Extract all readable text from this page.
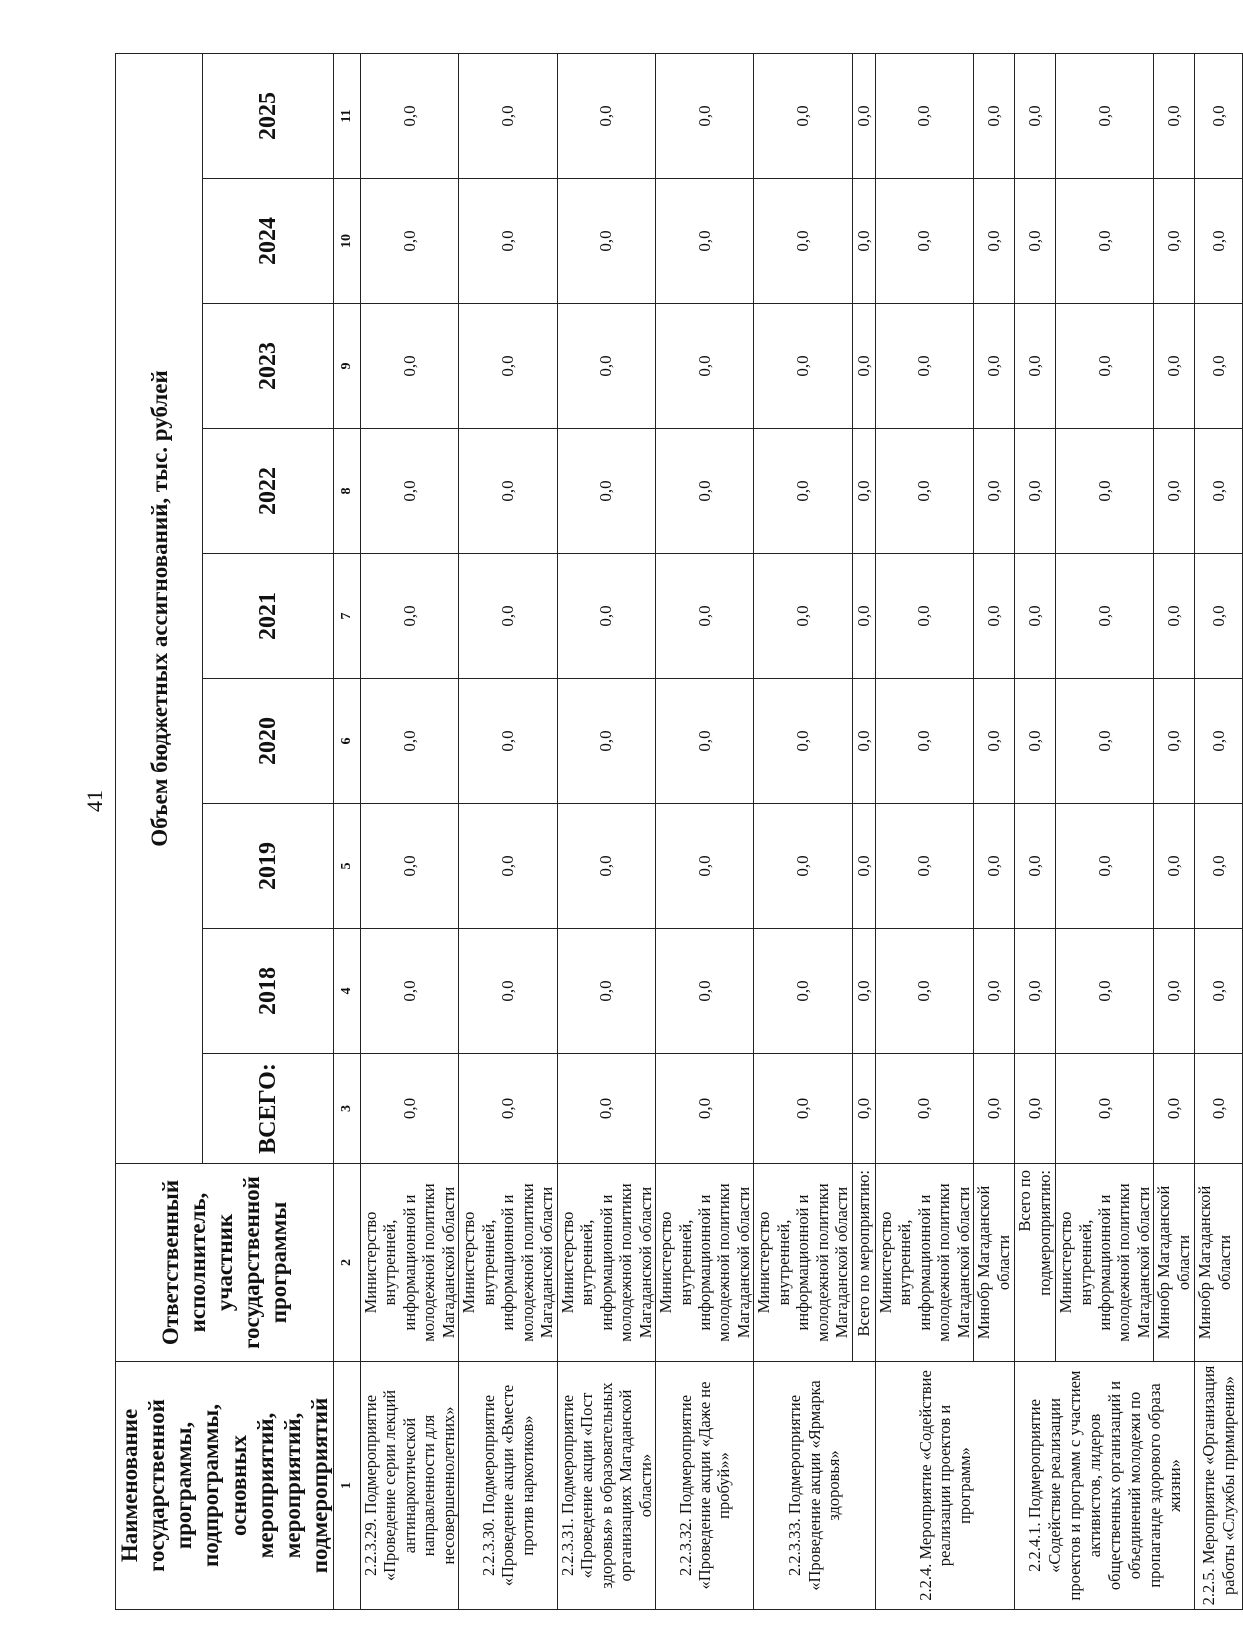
41
Наименование государственной программы, подпрограммы, основных мероприятий, мероприятий, подмероприятий	Ответственный исполнитель, участник государственной программы	Объем бюджетных ассигнований, тыс. рублей								
		ВСЕГО:	2018	2019	2020	2021	2022	2023	2024	2025
1	2	3	4	5	6	7	8	9	10	11
2.2.3.29. Подмероприятие «Проведение серии лекций антинаркотической направленности для несовершеннолетних»	Министерство внутренней, информационной и молодежной политики Магаданской области	0,0	0,0	0,0	0,0	0,0	0,0	0,0	0,0	0,0
2.2.3.30. Подмероприятие «Проведение акции «Вместе против наркотиков»	Министерство внутренней, информационной и молодежной политики Магаданской области	0,0	0,0	0,0	0,0	0,0	0,0	0,0	0,0	0,0
2.2.3.31. Подмероприятие «Проведение акции «Пост здоровья» в образовательных организациях Магаданской области»	Министерство внутренней, информационной и молодежной политики Магаданской области	0,0	0,0	0,0	0,0	0,0	0,0	0,0	0,0	0,0
2.2.3.32. Подмероприятие «Проведение акции «Даже не пробуй»»	Министерство внутренней, информационной и молодежной политики Магаданской области	0,0	0,0	0,0	0,0	0,0	0,0	0,0	0,0	0,0
2.2.3.33. Подмероприятие «Проведение акции «Ярмарка здоровья»	Министерство внутренней, информационной и молодежной политики Магаданской области	0,0	0,0	0,0	0,0	0,0	0,0	0,0	0,0	0,0
	Всего по мероприятию:	0,0	0,0	0,0	0,0	0,0	0,0	0,0	0,0	0,0
2.2.4. Мероприятие «Содействие реализации проектов и программ»	Министерство внутренней, информационной и молодежной политики Магаданской области	0,0	0,0	0,0	0,0	0,0	0,0	0,0	0,0	0,0
	Минобр Магаданской области	0,0	0,0	0,0	0,0	0,0	0,0	0,0	0,0	0,0
2.2.4.1. Подмероприятие «Содействие реализации проектов и программ с участием активистов, лидеров общественных организаций и объединений молодежи по пропаганде здорового образа жизни»	Всего по подмероприятию:	0,0	0,0	0,0	0,0	0,0	0,0	0,0	0,0	0,0
	Министерство внутренней, информационной и молодежной политики Магаданской области	0,0	0,0	0,0	0,0	0,0	0,0	0,0	0,0	0,0
	Минобр Магаданской области	0,0	0,0	0,0	0,0	0,0	0,0	0,0	0,0	0,0
2.2.5. Мероприятие «Организация работы «Службы примирения»	Минобр Магаданской области	0,0	0,0	0,0	0,0	0,0	0,0	0,0	0,0	0,0
